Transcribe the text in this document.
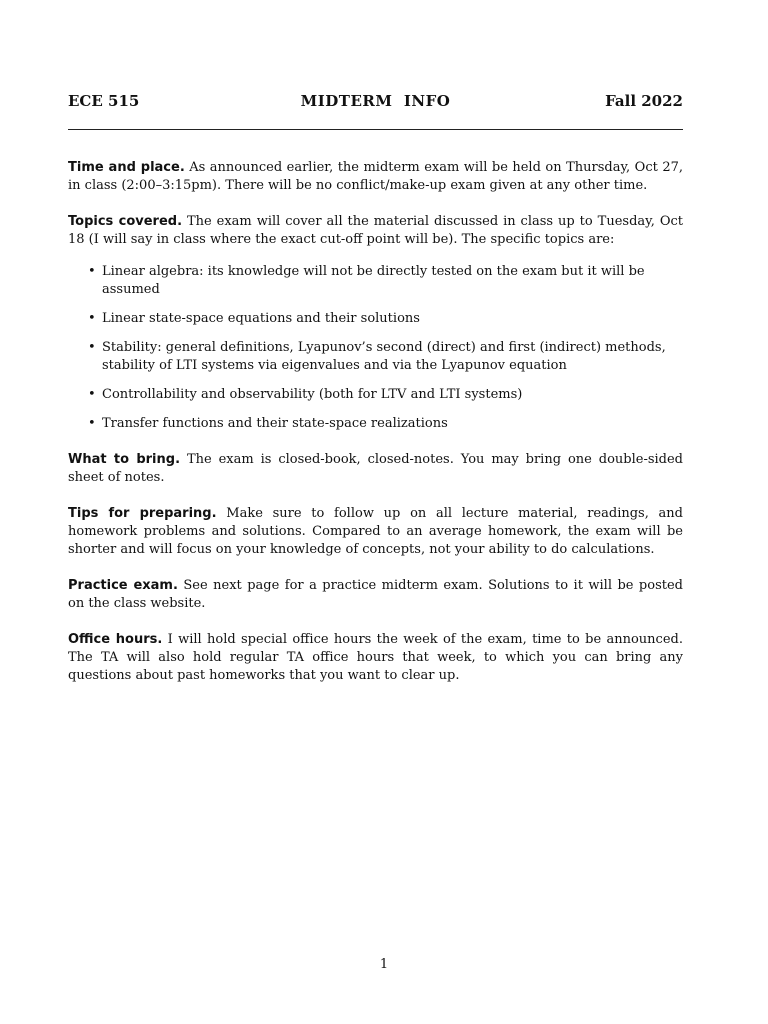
ECE 515	MIDTERM  INFO	Fall 2022

Time and place. As announced earlier, the midterm exam will be held on Thursday, Oct 27, in class (2:00–3:15pm). There will be no conflict/make-up exam given at any other time.

Topics covered. The exam will cover all the material discussed in class up to Tuesday, Oct 18 (I will say in class where the exact cut-off point will be). The specific topics are:

• Linear algebra: its knowledge will not be directly tested on the exam but it will be assumed
• Linear state-space equations and their solutions
• Stability: general definitions, Lyapunov’s second (direct) and first (indirect) methods, stability of LTI systems via eigenvalues and via the Lyapunov equation
• Controllability and observability (both for LTV and LTI systems)
• Transfer functions and their state-space realizations

What to bring. The exam is closed-book, closed-notes. You may bring one double-sided sheet of notes.

Tips for preparing. Make sure to follow up on all lecture material, readings, and homework problems and solutions. Compared to an average homework, the exam will be shorter and will focus on your knowledge of concepts, not your ability to do calculations.

Practice exam. See next page for a practice midterm exam. Solutions to it will be posted on the class website.

Office hours. I will hold special office hours the week of the exam, time to be announced. The TA will also hold regular TA office hours that week, to which you can bring any questions about past homeworks that you want to clear up.

1
